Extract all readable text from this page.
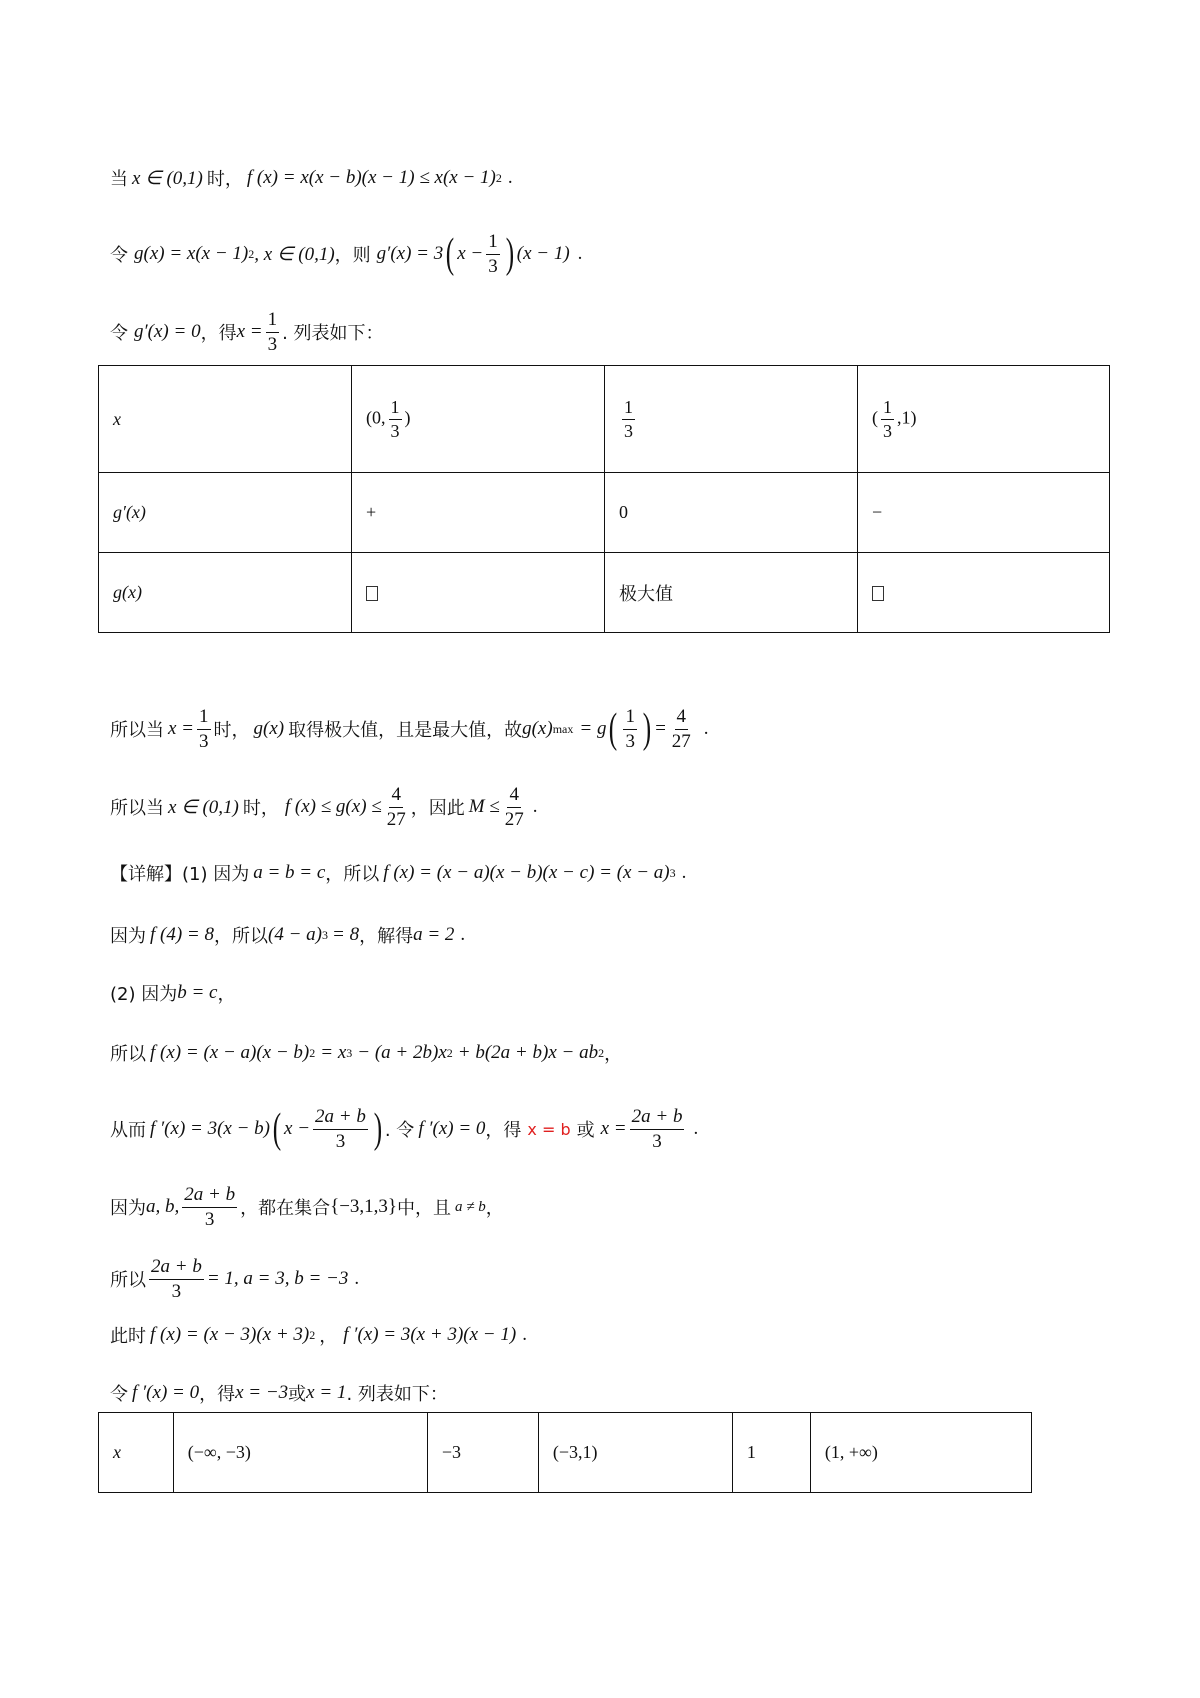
当 x ∈ (0,1) 时， f (x) = x(x − b)(x − 1) ≤ x(x − 1) 2 .
令 g(x) = x(x − 1) 2 , x ∈ (0,1) ，则 g′(x) = 3 ( $x - \frac{1}{3}$ ) (x − 1) .
令 g′(x) = 0 ，得 $x = \frac{1}{3}$ . 列表如下：
x	(0, $\frac{1}{3}$ )	$\frac{1}{3}$	( $\frac{1}{3} ,1$)
g′(x)	+	0	−
g(x)		极大值	
所以当 $x = \frac{1}{3}$ 时， g(x) 取得极大值，且是最大值，故 g(x) max = g ( $\frac{1}{3}$ ) = $\frac{4}{27}$ .
所以当 x ∈ (0,1) 时， f $(x) \le g(x) \le \frac{4}{27}$ ，因此 $M \le \frac{4}{27}$ .
【详解】(1) 因为 a = b = c ，所以 f (x) = (x − a)(x − b)(x − c) = (x − a) 3 .
因为 f (4) = 8 ，所以 (4 − a) 3 = 8 ，解得 a = 2 .
(2) 因为 b = c ，
所以 f (x) = (x − a)(x − b) 2 = x 3 − (a + 2b)x 2 + b(2a + b)x − ab 2 ，
从而 f ′(x) = 3(x − b) ( $x - \frac{2a + b}{3}$ ) . 令 f ′(x) = 0 ，得 x = b 或 $x = \frac{2a + b}{3}$ .
因为 a, b, $\frac{2a + b}{3}$ ，都在集合 {−3,1,3} 中，且 a ≠ b ，
所以 $\frac{2a + b}{3} = 1$, a = 3, b = −3 .
此时 f (x) = (x − 3)(x + 3) 2 ， f ′(x) = 3(x + 3)(x − 1) .
令 f ′(x) = 0 ，得 x = −3 或 x = 1 . 列表如下：
x	(−∞, −3)	−3	(−3,1)	1	(1, +∞)
